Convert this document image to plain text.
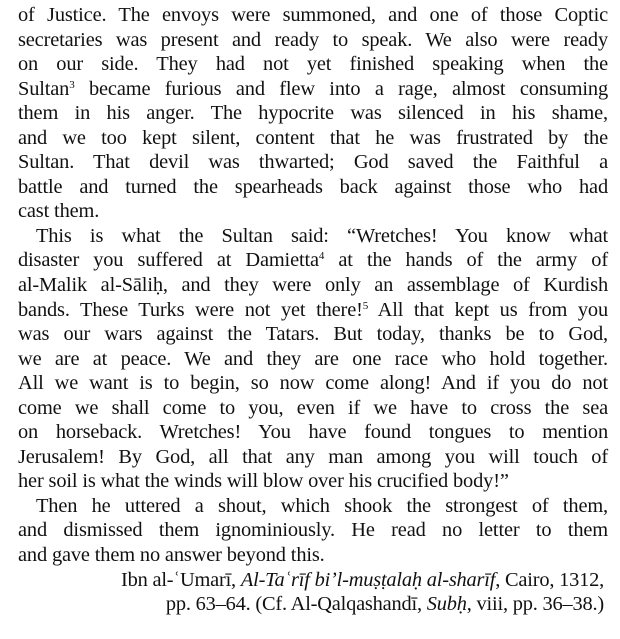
of Justice. The envoys were summoned, and one of those Coptic
secretaries was present and ready to speak. We also were ready
on our side. They had not yet finished speaking when the
Sultan$^3$ became furious and flew into a rage, almost consuming
them in his anger. The hypocrite was silenced in his shame,
and we too kept silent, content that he was frustrated by the
Sultan. That devil was thwarted; God saved the Faithful a
battle and turned the spearheads back against those who had
cast them.
This is what the Sultan said: “Wretches! You know what
disaster you suffered at Damietta$^4$ at the hands of the army of
al-Malik al-Sāliḥ, and they were only an assemblage of Kurdish
bands. These Turks were not yet there!$^5$ All that kept us from you
was our wars against the Tatars. But today, thanks be to God,
we are at peace. We and they are one race who hold together.
All we want is to begin, so now come along! And if you do not
come we shall come to you, even if we have to cross the sea
on horseback. Wretches! You have found tongues to mention
Jerusalem! By God, all that any man among you will touch of
her soil is what the winds will blow over his crucified body!”
Then he uttered a shout, which shook the strongest of them,
and dismissed them ignominiously. He read no letter to them
and gave them no answer beyond this.
Ibn al-ʿUmarī, Al-Taʿrīf biʼl-muṣṭalaḥ al-sharīf, Cairo, 1312,
pp. 63–64. (Cf. Al-Qalqashandī, Subḥ, viii, pp. 36–38.)
